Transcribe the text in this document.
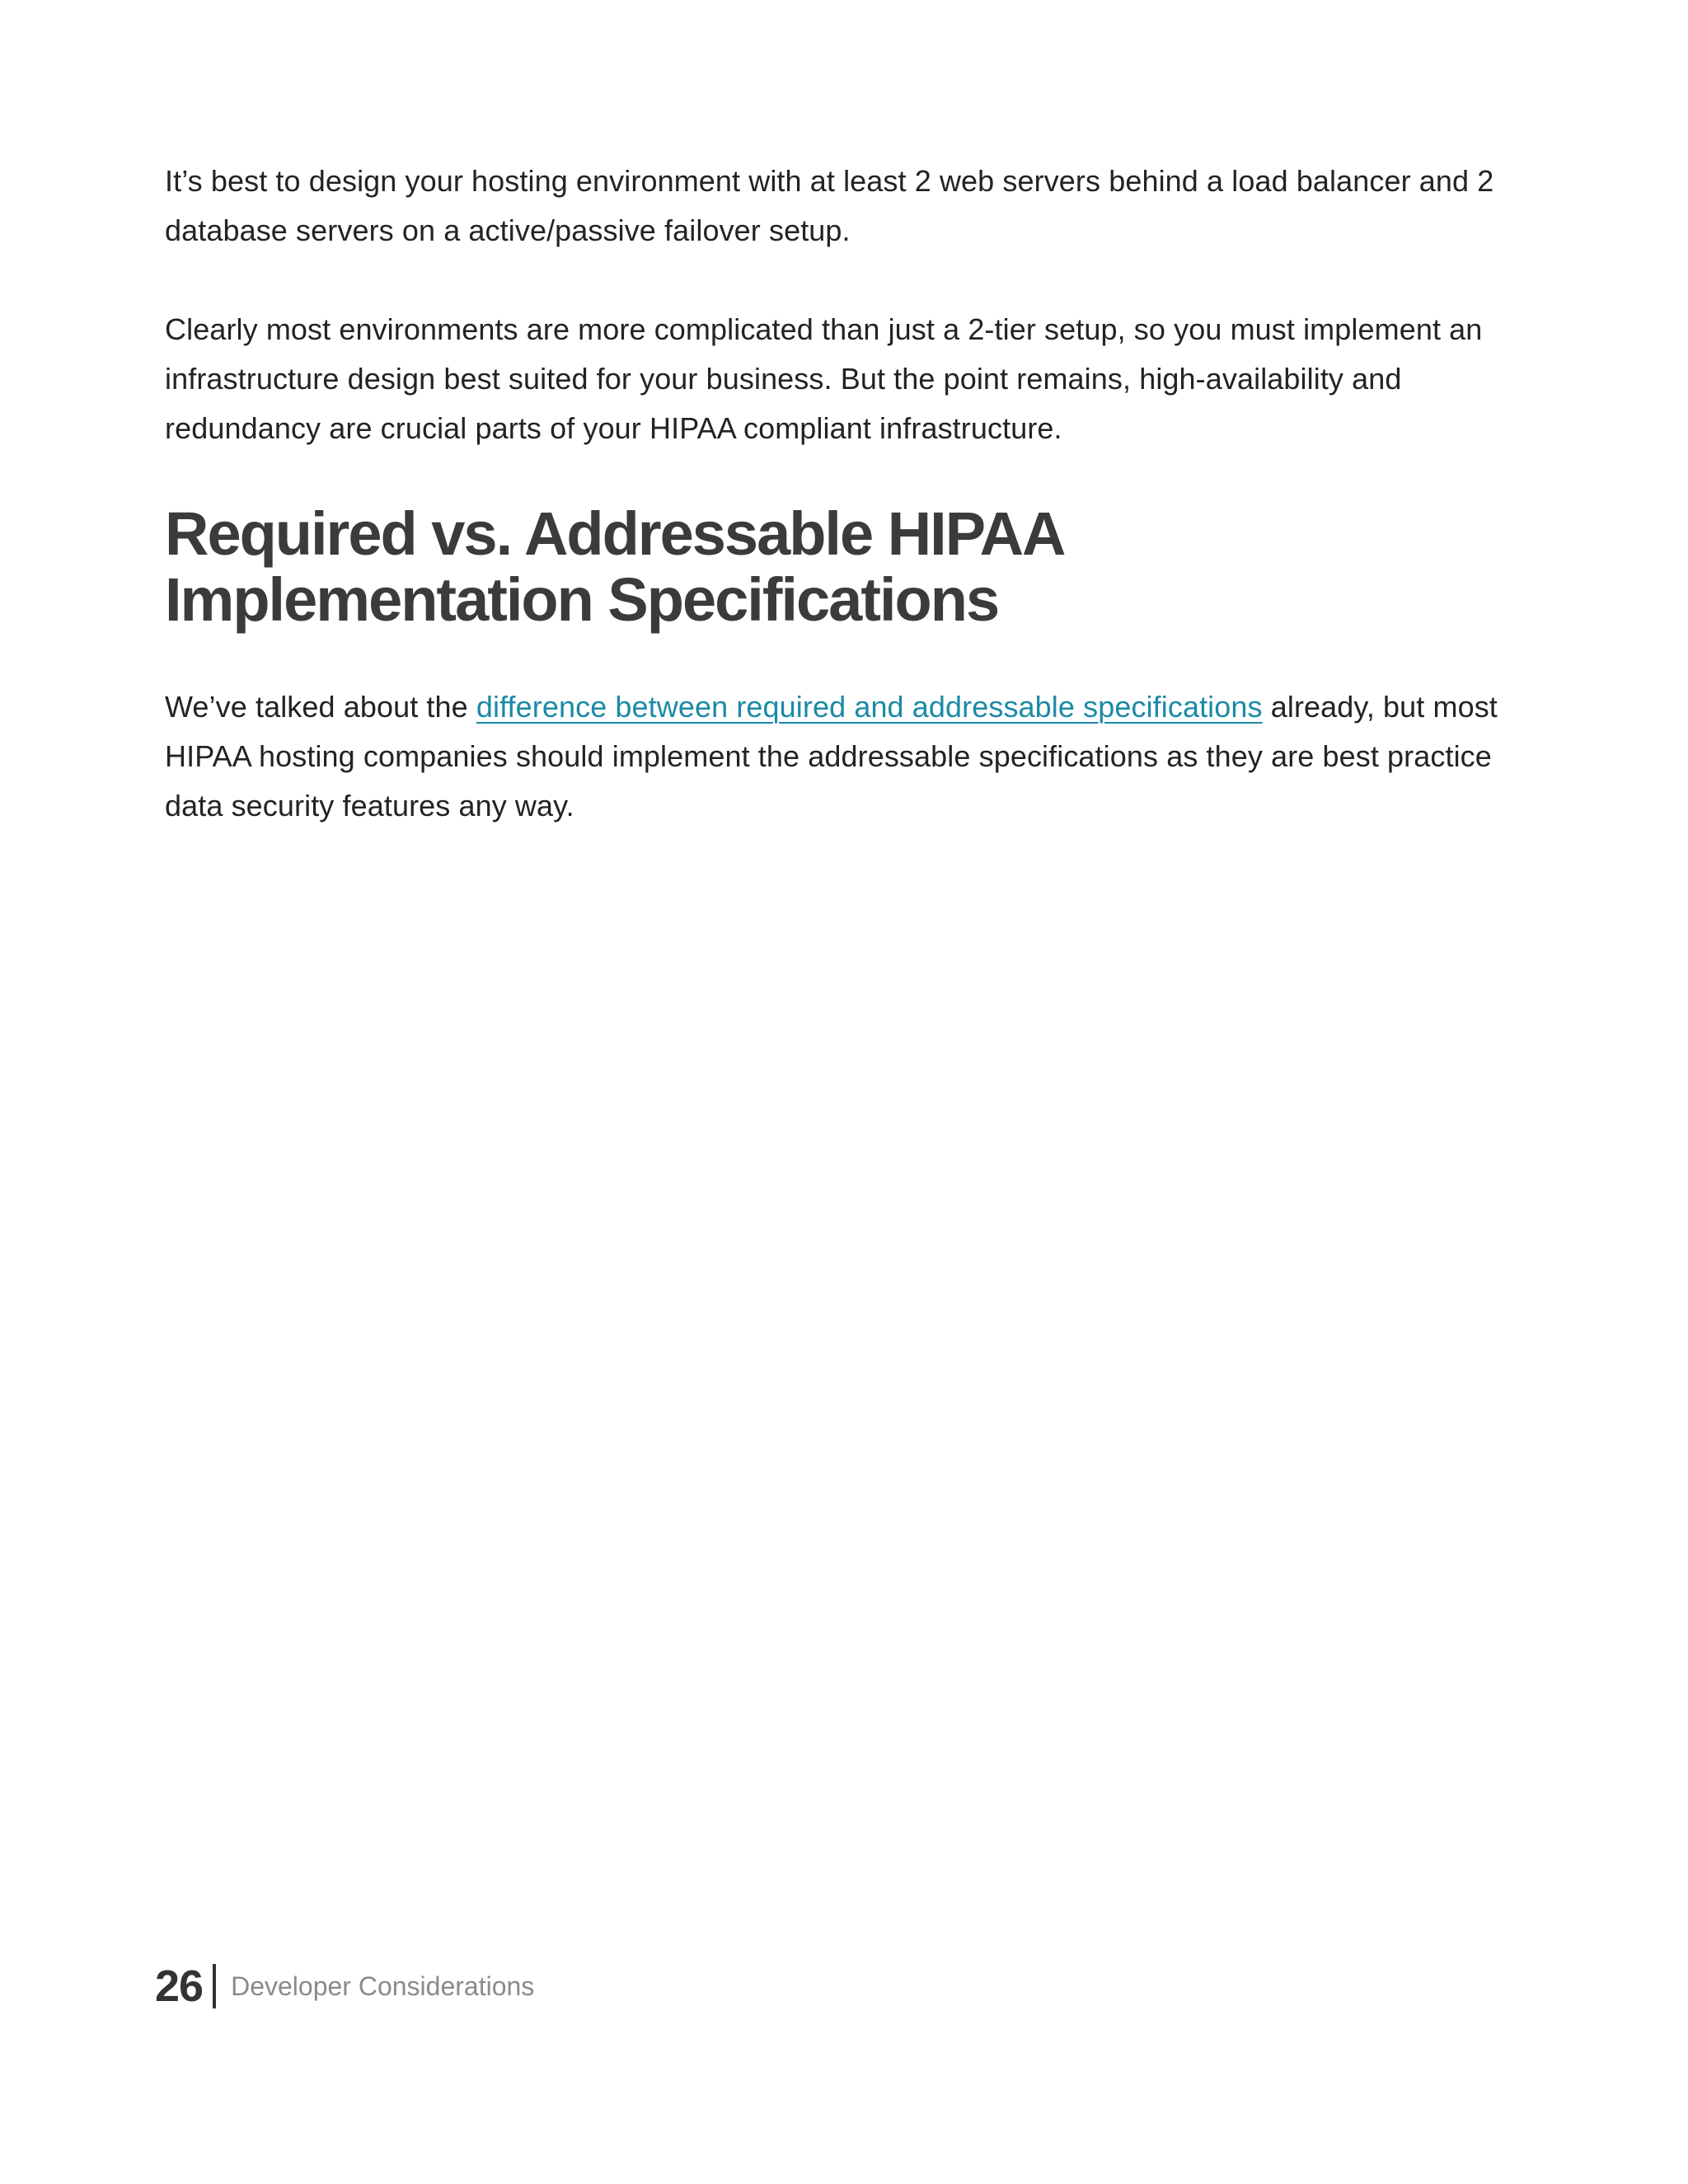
It’s best to design your hosting environment with at least 2 web servers behind a load balancer and 2 database servers on a active/passive failover setup.

Clearly most environments are more complicated than just a 2-tier setup, so you must implement an infrastructure design best suited for your business. But the point remains, high-availability and redundancy are crucial parts of your HIPAA compliant infrastructure.

Required vs. Addressable HIPAA Implementation Specifications

We’ve talked about the difference between required and addressable specifications already, but most HIPAA hosting companies should implement the addressable specifications as they are best practice data security features any way.

26 Developer Considerations
